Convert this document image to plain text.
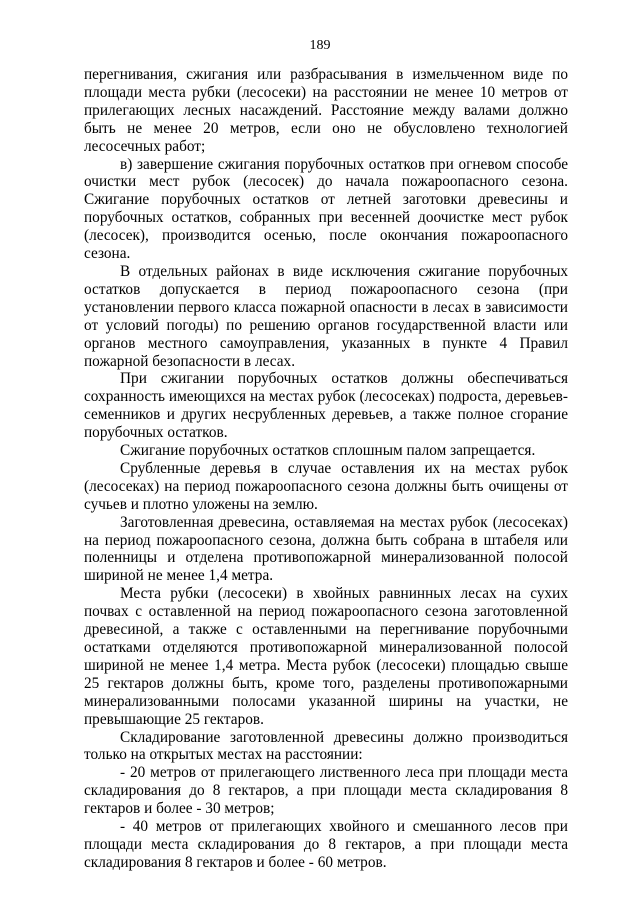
189

перегнивания, сжигания или разбрасывания в измельченном виде по площади места рубки (лесосеки) на расстоянии не менее 10 метров от прилегающих лесных насаждений. Расстояние между валами должно быть не менее 20 метров, если оно не обусловлено технологией лесосечных работ;

в) завершение сжигания порубочных остатков при огневом способе очистки мест рубок (лесосек) до начала пожароопасного сезона. Сжигание порубочных остатков от летней заготовки древесины и порубочных остатков, собранных при весенней доочистке мест рубок (лесосек), производится осенью, после окончания пожароопасного сезона.

В отдельных районах в виде исключения сжигание порубочных остатков допускается в период пожароопасного сезона (при установлении первого класса пожарной опасности в лесах в зависимости от условий погоды) по решению органов государственной власти или органов местного самоуправления, указанных в пункте 4 Правил пожарной безопасности в лесах.

При сжигании порубочных остатков должны обеспечиваться сохранность имеющихся на местах рубок (лесосеках) подроста, деревьев-семенников и других несрубленных деревьев, а также полное сгорание порубочных остатков.

Сжигание порубочных остатков сплошным палом запрещается.

Срубленные деревья в случае оставления их на местах рубок (лесосеках) на период пожароопасного сезона должны быть очищены от сучьев и плотно уложены на землю.

Заготовленная древесина, оставляемая на местах рубок (лесосеках) на период пожароопасного сезона, должна быть собрана в штабеля или поленницы и отделена противопожарной минерализованной полосой шириной не менее 1,4 метра.

Места рубки (лесосеки) в хвойных равнинных лесах на сухих почвах с оставленной на период пожароопасного сезона заготовленной древесиной, а также с оставленными на перегнивание порубочными остатками отделяются противопожарной минерализованной полосой шириной не менее 1,4 метра. Места рубок (лесосеки) площадью свыше 25 гектаров должны быть, кроме того, разделены противопожарными минерализованными полосами указанной ширины на участки, не превышающие 25 гектаров.

Складирование заготовленной древесины должно производиться только на открытых местах на расстоянии:

- 20 метров от прилегающего лиственного леса при площади места складирования до 8 гектаров, а при площади места складирования 8 гектаров и более - 30 метров;

- 40 метров от прилегающих хвойного и смешанного лесов при площади места складирования до 8 гектаров, а при площади места складирования 8 гектаров и более - 60 метров.
